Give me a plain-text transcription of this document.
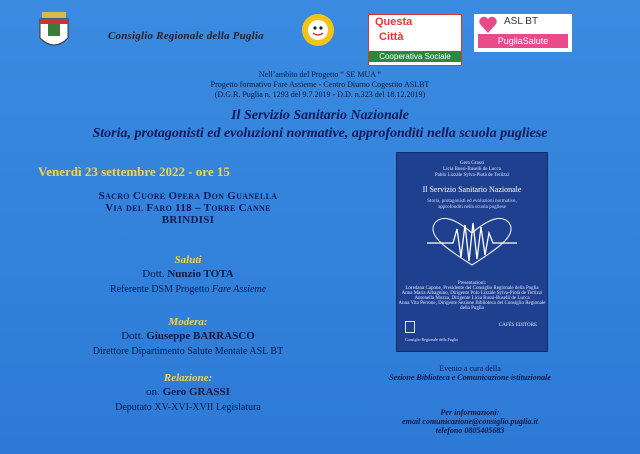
Consiglio Regionale della Puglia
Questa
Città
Cooperativa Sociale
ASL BT
PugliaSalute
Nell’ambito del Progetto “ SE MUA “
Progetto formativo Fare Assieme - Centro Diurno Cogestito ASLBT
(D.G.R. Puglia n. 1293 del 9.7.2019 - D.D. n.323 del 18.12.2019)
Il Servizio Sanitario Nazionale
Storia, protagonisti ed evoluzioni normative, approfonditi nella scuola pugliese
Venerdì 23 settembre 2022 - ore 15
Sacro Cuore Opera Don Guanella
Via del Faro 118 – Torre Canne
BRINDISI
Saluti
Dott. Nunzio TOTA
Referente DSM Progetto Fare Assieme
Modera:
Dott. Giuseppe BARRASCO
Direttore Dipartimento Salute Mentale ASL BT
Relazione:
on. Gero GRASSI
Deputato XV-XVI-XVII Legislatura
Gero Grassi
Licia Bussi-Buselli de Lucca
Pablo Lizzàle Sylva-Piotà de Terlizzi
Il Servizio Sanitario Nazionale
Storia, protagonisti ed evoluzioni normative,
approfonditi nella scuola pugliese
Presentazioni:
Loredana Capone, Presidente del Consiglio Regionale della Puglia
Anna Maria Albagnino, Dirigente Polo Lizzàle Sylva-Piotà de Terlizzi
Antonella Muzza, Dirigente Licia Bussi-Buselli de Lucca
Anna Vita Perrone, Dirigente Sezione Biblioteca del Consiglio Regionale della Puglia
Consiglio Regionale della Puglia
CAFÈS EDITORE
Evento a cura della
Sezione Biblioteca e Comunicazione istituzionale
Per informazioni:
email comunicazione@consiglio.puglia.it
telefono 0805405683
